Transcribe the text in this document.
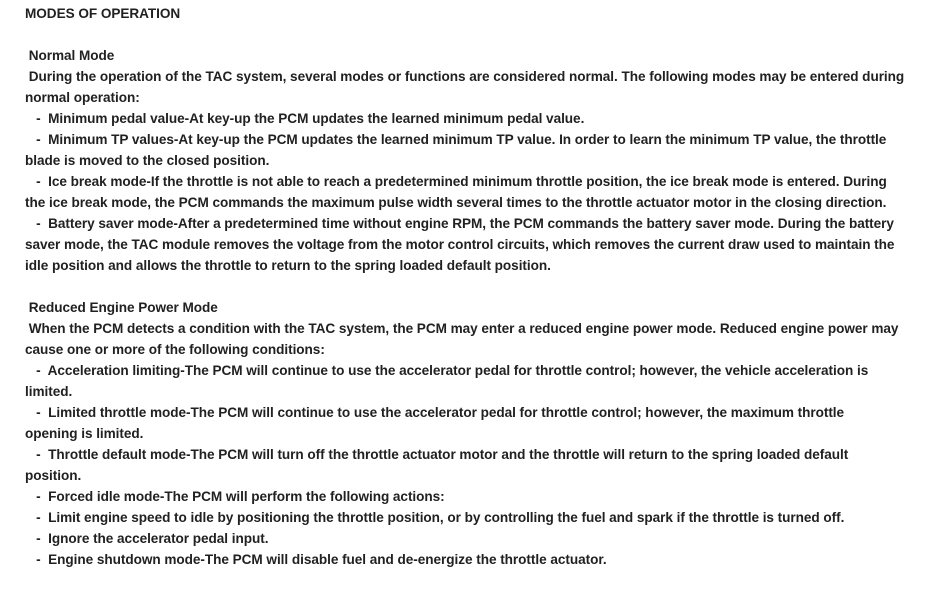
MODES OF OPERATION
Normal Mode
During the operation of the TAC system, several modes or functions are considered normal. The following modes may be entered during
normal operation:
-  Minimum pedal value-At key-up the PCM updates the learned minimum pedal value.
-  Minimum TP values-At key-up the PCM updates the learned minimum TP value. In order to learn the minimum TP value, the throttle
blade is moved to the closed position.
-  Ice break mode-If the throttle is not able to reach a predetermined minimum throttle position, the ice break mode is entered. During
the ice break mode, the PCM commands the maximum pulse width several times to the throttle actuator motor in the closing direction.
-  Battery saver mode-After a predetermined time without engine RPM, the PCM commands the battery saver mode. During the battery
saver mode, the TAC module removes the voltage from the motor control circuits, which removes the current draw used to maintain the
idle position and allows the throttle to return to the spring loaded default position.
Reduced Engine Power Mode
When the PCM detects a condition with the TAC system, the PCM may enter a reduced engine power mode. Reduced engine power may
cause one or more of the following conditions:
-  Acceleration limiting-The PCM will continue to use the accelerator pedal for throttle control; however, the vehicle acceleration is
limited.
-  Limited throttle mode-The PCM will continue to use the accelerator pedal for throttle control; however, the maximum throttle
opening is limited.
-  Throttle default mode-The PCM will turn off the throttle actuator motor and the throttle will return to the spring loaded default
position.
-  Forced idle mode-The PCM will perform the following actions:
-  Limit engine speed to idle by positioning the throttle position, or by controlling the fuel and spark if the throttle is turned off.
-  Ignore the accelerator pedal input.
-  Engine shutdown mode-The PCM will disable fuel and de-energize the throttle actuator.
